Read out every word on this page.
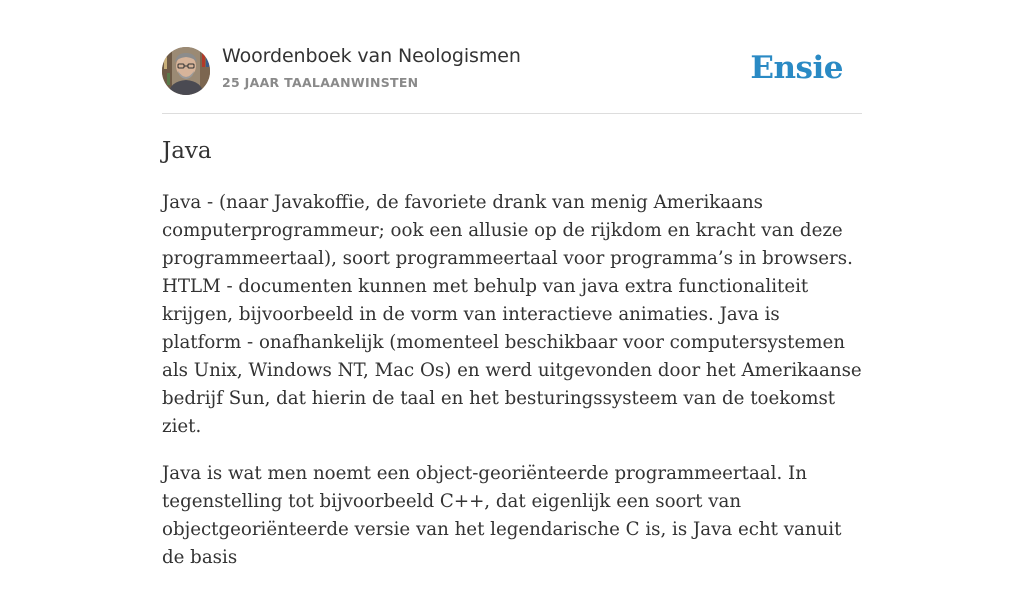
Woordenboek van Neologismen
25 JAAR TAALAANWINSTEN	Ensie
Java

Java - (naar Javakoffie, de favoriete drank van menig Amerikaans computerprogrammeur; ook een allusie op de rijkdom en kracht van deze programmeertaal), soort programmeertaal voor programma’s in browsers. HTLM - documenten kunnen met behulp van java extra functionaliteit krijgen, bijvoorbeeld in de vorm van interactieve animaties. Java is platform - onafhankelijk (momenteel beschikbaar voor computersystemen als Unix, Windows NT, Mac Os) en werd uitgevonden door het Amerikaanse bedrijf Sun, dat hierin de taal en het besturingssysteem van de toekomst ziet.

Java is wat men noemt een object-georiënteerde programmeertaal. In tegenstelling tot bijvoorbeeld C++, dat eigenlijk een soort van objectgeoriënteerde versie van het legendarische C is, is Java echt vanuit de basis
